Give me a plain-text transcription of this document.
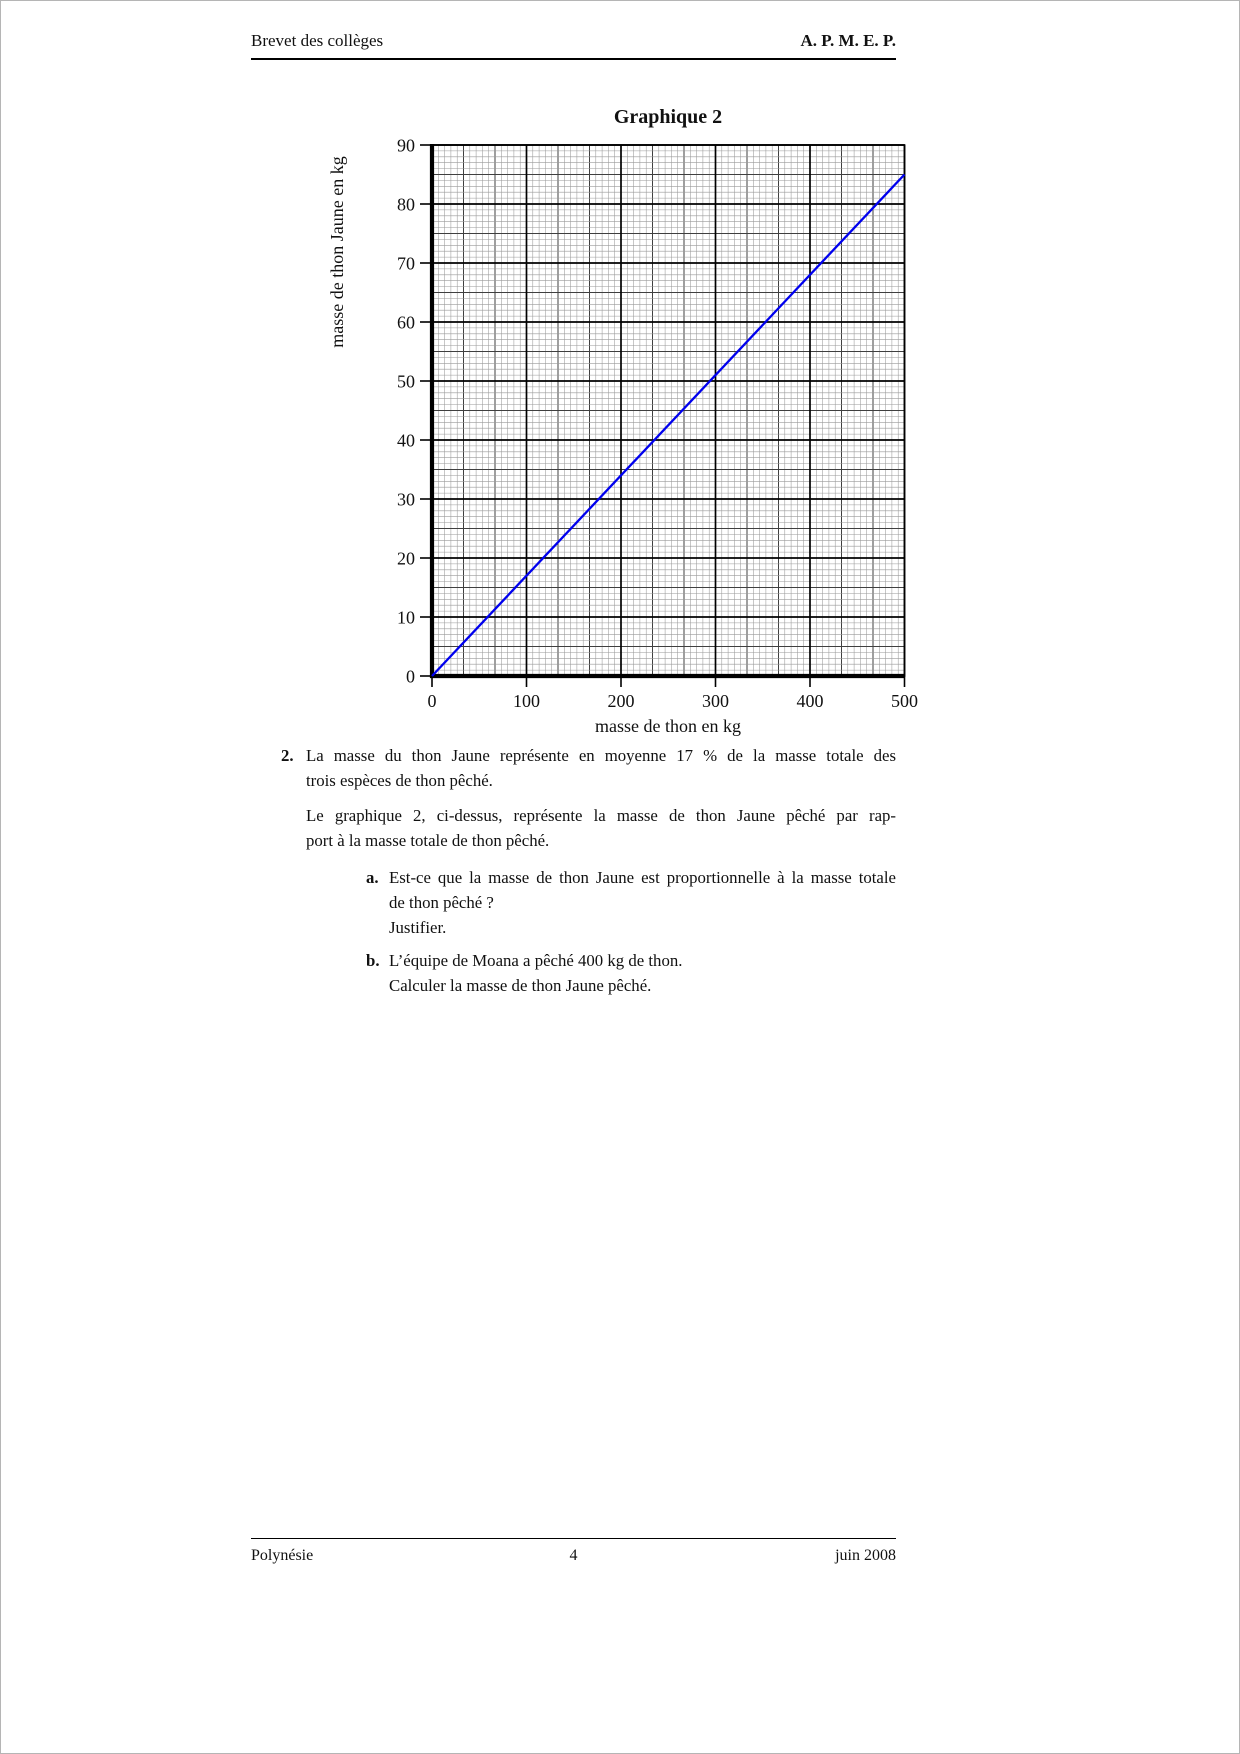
Brevet des collèges	A. P. M. E. P.
Graphique 2
0
10
20
30
40
50
60
70
80
90
0	100	200	300	400	500
masse de thon en kg
masse de thon Jaune en kg
2. La masse du thon Jaune représente en moyenne 17 % de la masse totale des
trois espèces de thon pêché.
Le graphique 2, ci-dessus, représente la masse de thon Jaune pêché par rap-
port à la masse totale de thon pêché.
a. Est-ce que la masse de thon Jaune est proportionnelle à la masse totale
de thon pêché ?
Justifier.
b. L’équipe de Moana a pêché 400 kg de thon.
Calculer la masse de thon Jaune pêché.
Polynésie	4	juin 2008
